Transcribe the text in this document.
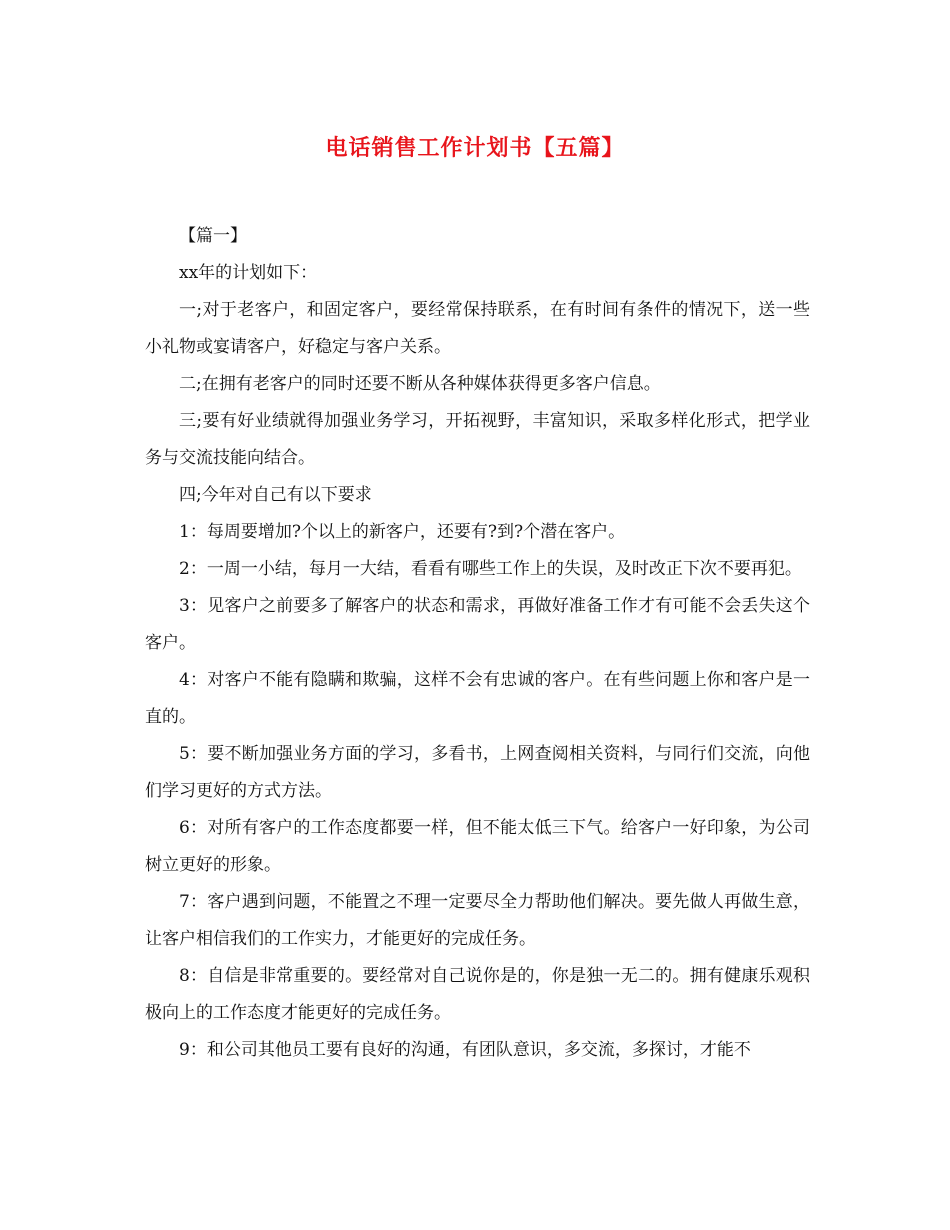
电话销售工作计划书【五篇】

【篇一】

xx年的计划如下：

一;对于老客户，和固定客户，要经常保持联系，在有时间有条件的情况下，送一些小礼物或宴请客户，好稳定与客户关系。

二;在拥有老客户的同时还要不断从各种媒体获得更多客户信息。

三;要有好业绩就得加强业务学习，开拓视野，丰富知识，采取多样化形式，把学业务与交流技能向结合。

四;今年对自己有以下要求

1：每周要增加?个以上的新客户，还要有?到?个潜在客户。

2：一周一小结，每月一大结，看看有哪些工作上的失误，及时改正下次不要再犯。

3：见客户之前要多了解客户的状态和需求，再做好准备工作才有可能不会丢失这个客户。

4：对客户不能有隐瞒和欺骗，这样不会有忠诚的客户。在有些问题上你和客户是一直的。

5：要不断加强业务方面的学习，多看书，上网查阅相关资料，与同行们交流，向他们学习更好的方式方法。

6：对所有客户的工作态度都要一样，但不能太低三下气。给客户一好印象，为公司树立更好的形象。

7：客户遇到问题，不能置之不理一定要尽全力帮助他们解决。要先做人再做生意，让客户相信我们的工作实力，才能更好的完成任务。

8：自信是非常重要的。要经常对自己说你是的，你是独一无二的。拥有健康乐观积极向上的工作态度才能更好的完成任务。

9：和公司其他员工要有良好的沟通，有团队意识，多交流，多探讨，才能不
